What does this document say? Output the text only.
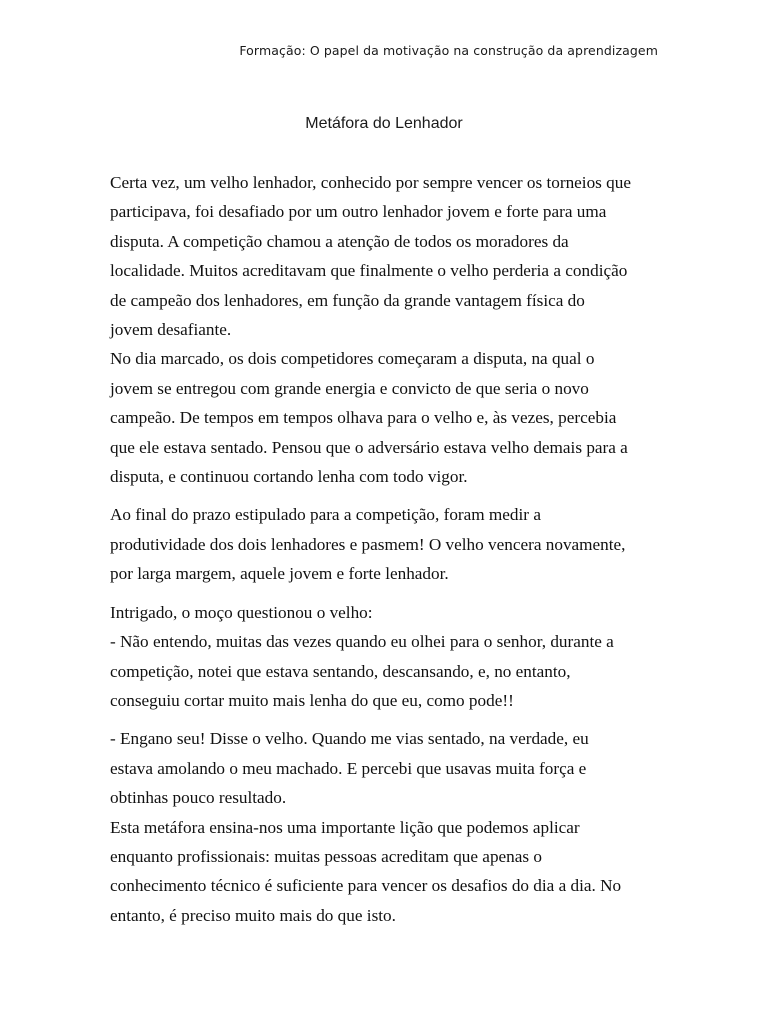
Formação: O papel da motivação na construção da aprendizagem
Metáfora do Lenhador

Certa vez, um velho lenhador, conhecido por sempre vencer os torneios que
participava, foi desafiado por um outro lenhador jovem e forte para uma
disputa. A competição chamou a atenção de todos os moradores da
localidade. Muitos acreditavam que finalmente o velho perderia a condição
de campeão dos lenhadores, em função da grande vantagem física do
jovem desafiante.

No dia marcado, os dois competidores começaram a disputa, na qual o
jovem se entregou com grande energia e convicto de que seria o novo
campeão. De tempos em tempos olhava para o velho e, às vezes, percebia
que ele estava sentado. Pensou que o adversário estava velho demais para a
disputa, e continuou cortando lenha com todo vigor.

Ao final do prazo estipulado para a competição, foram medir a
produtividade dos dois lenhadores e pasmem! O velho vencera novamente,
por larga margem, aquele jovem e forte lenhador.

Intrigado, o moço questionou o velho:

- Não entendo, muitas das vezes quando eu olhei para o senhor, durante a
competição, notei que estava sentando, descansando, e, no entanto,
conseguiu cortar muito mais lenha do que eu, como pode!!

- Engano seu! Disse o velho. Quando me vias sentado, na verdade, eu
estava amolando o meu machado. E percebi que usavas muita força e
obtinhas pouco resultado.

Esta metáfora ensina-nos uma importante lição que podemos aplicar
enquanto profissionais: muitas pessoas acreditam que apenas o
conhecimento técnico é suficiente para vencer os desafios do dia a dia. No
entanto, é preciso muito mais do que isto.
